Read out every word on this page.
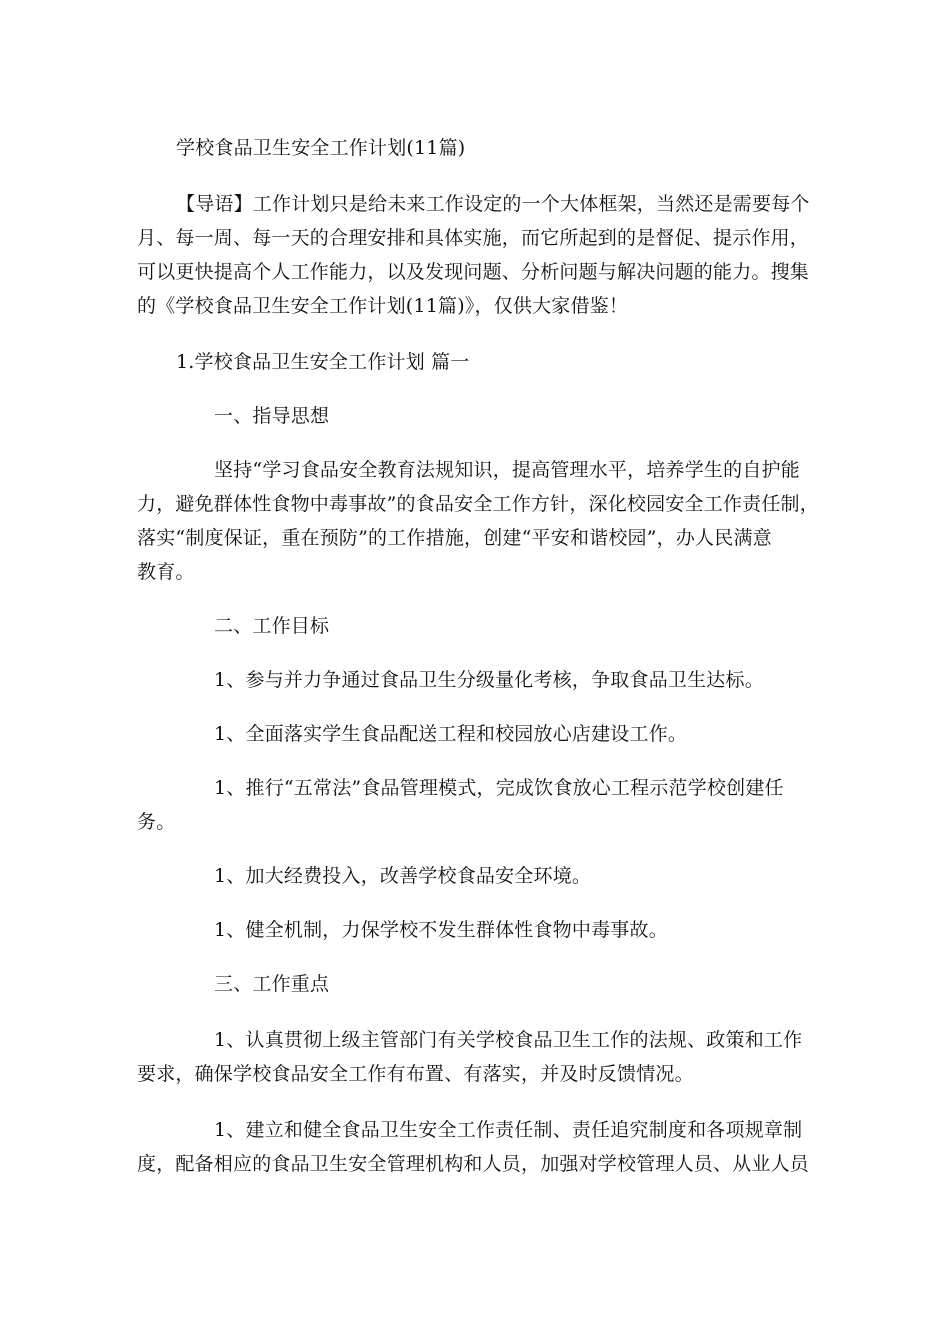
学校食品卫生安全工作计划(11篇)
【导语】工作计划只是给未来工作设定的一个大体框架，当然还是需要每个
月、每一周、每一天的合理安排和具体实施，而它所起到的是督促、提示作用，
可以更快提高个人工作能力，以及发现问题、分析问题与解决问题的能力。搜集
的《学校食品卫生安全工作计划(11篇)》，仅供大家借鉴！
1.学校食品卫生安全工作计划 篇一
一、指导思想
坚持“学习食品安全教育法规知识，提高管理水平，培养学生的自护能
力，避免群体性食物中毒事故”的食品安全工作方针，深化校园安全工作责任制，
落实“制度保证，重在预防”的工作措施，创建“平安和谐校园”，办人民满意
教育。
二、工作目标
1、参与并力争通过食品卫生分级量化考核，争取食品卫生达标。
1、全面落实学生食品配送工程和校园放心店建设工作。
1、推行“五常法”食品管理模式，完成饮食放心工程示范学校创建任
务。
1、加大经费投入，改善学校食品安全环境。
1、健全机制，力保学校不发生群体性食物中毒事故。
三、工作重点
1、认真贯彻上级主管部门有关学校食品卫生工作的法规、政策和工作
要求，确保学校食品安全工作有布置、有落实，并及时反馈情况。
1、建立和健全食品卫生安全工作责任制、责任追究制度和各项规章制
度，配备相应的食品卫生安全管理机构和人员，加强对学校管理人员、从业人员
